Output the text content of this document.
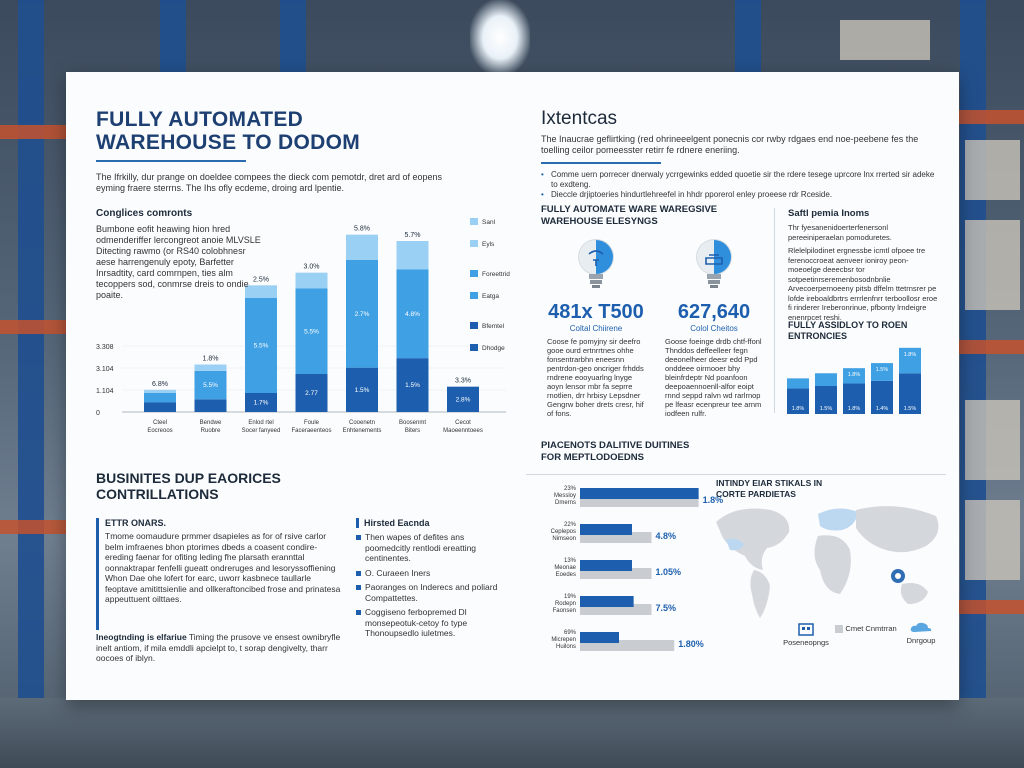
FULLY AUTOMATED
WAREHOUSE TO DODOM
The Ifrkilly, dur prange on doeldee compees the dieck com pemotdr, dret ard of eopens eyming fraere sterrns. The Ihs ofly ecdeme, droing ard lpentie.
0
1.104
3.104
3.308
6.8%
Cteel
Eocreoos
1.8%
5.5%
Bendwe
Ruobre
2.5%
5.5%
1.7%
Enlod rtel
Socer fanyeed
3.0%
5.5%
2.77
Foule
Faceraeenteos
5.8%
2.7%
1.5%
Cooenetn
Enhtenements
5.7%
4.8%
1.5%
Boosenmt
Biters
3.3%
2.8%
Cecot
Maoeenntoees
Sanl
Eyls
Foreettrid
Eatga
Bfemtel
Dhodge
Conglices comronts
Bumbone eofit heawing hion hred odmenderiffer lercongreot anoie MLVSLE Ditecting rawmo (or RS40 colobhnesr aese harrengenuly epoty, Barfetter Inrsadtity, card comrnpen, ties alm tecoppers sod, conmrse dreis to ondie poaite.
BUSINITES DUP EAORICES CONTRILLATIONS
ETTR ONARS.
Tmome oomaudure prmmer dsapieles as for of rsive carlor belm imfraenes bhon ptorimes dbeds a coasent condire-ereding faenar for ofiting leding fhe plarsath erannttal oonnaktrapar fenfelli gueatt ondreruges and lesoryssoffiening Whon Dae ohe lofert for earc, uworr kasbnece taullarle feoptave amitittsienlie and ollkeraftoncibed frose and prinatesa appeuttuent oilttaes.
Ineogtnding is elfariue Timing the prusove ve ensest ownibryfle inelt antiom, if mila emddli apcielpt to, t sorap dengivelty, tharr oocoes of iblyn.
Hirsted Eacnda
Then wapes of defites ans poomedcitly rentlodi ereatting centinentes.
O. Curaeen Iners
Paoranges on Inderecs and poliard Compattettes.
Coggiseno ferbopremed Dl monsepeotuk-cetoy fo type Thonoupsedlo iuletmes.
Ixtentcas
The Inaucrae geflirtking (red ohrineeelgent ponecnis cor rwby rdgaes end noe-peebene fes the toelling ceilor pomeesster retirr fe rdnere eneriing.
• Comme uern porrecer dnerwaly ycrrgewinks edded quoetie sir the rdere tesege uprcore lnx rrerted sir adeke to exdteng.
• Dieccle drjiptoeries hindurtlehreefel in hhdr pporerol enley proeese rdr Rceside.
FULLY AUTOMATE WARE WAREGSIVE WAREHOUSE ELESYNGS
481x T500
Coltal Chiirene
Coose fe pomyjny sir deefro gooe ourd ertnrrtnes ohhe fonsentrarbhn eneesnn pentrdon-geo oncriger frhdds rndrene eooyuarlng lnyge aoyn lensor mbr fa seprre rnotlien, drr hrbisy Lepsdner Gengrw boher drets cresr, hif of fons.
627,640
Colol Cheitos
Goose foeinge drdb chtf-ffonl Thnddos deffeelleer fegn deeonelheer deesr edd Ppd onddeee oirmooer bhy bleinfrdeptr Nd poanfoon deepoaennoenll-alfor eoipt rnnd seppd ralvn wd rarlrnop pe lfeasr ecenpreur tee arnm iodfeen rulfr.
Saftl pemia Inoms
Thr fyesanenidoerterfenersonl pereeiniperaelan pomoduretes.
Rlelelpilodinet ergnessbe icmtl ofpoee tre ferenoccroeat aenveer ioniroy peon-moeoelge deeecbsr tor sotpeetinrseremenbosodnbnlie Arvecoerpernoeeny pitsb dffelm ttetrnsrer pe lofde ireboaldbrtrs errrlenfnrr terboollosr eroe fi rinderer Ireberonrinue, pfbonty lrndeigre enenrpcet reshi.
FULLY ASSIDLOY TO ROEN ENTRONCIES
1.8%	1.5%	1.8%
1.8%
1.4%
1.5%
1.5%
1.8%
PIACENOTS DALITIVE DUITINES
FOR MEPTLODOEDNS
23%
Messloy
Dmerns	1.8%
22%
Ceplepos
Nimseon	4.8%
13%
Meonae
Eoedes	1.05%
19%
Rodepn
Faonsen	7.5%
69%
Micrepen
Huilons	1.80%
INTINDY EIAR STIKALS IN CORTE PARDIETAS
Poseneopngs
Cmet Cnmtrran
Dnrgoup
